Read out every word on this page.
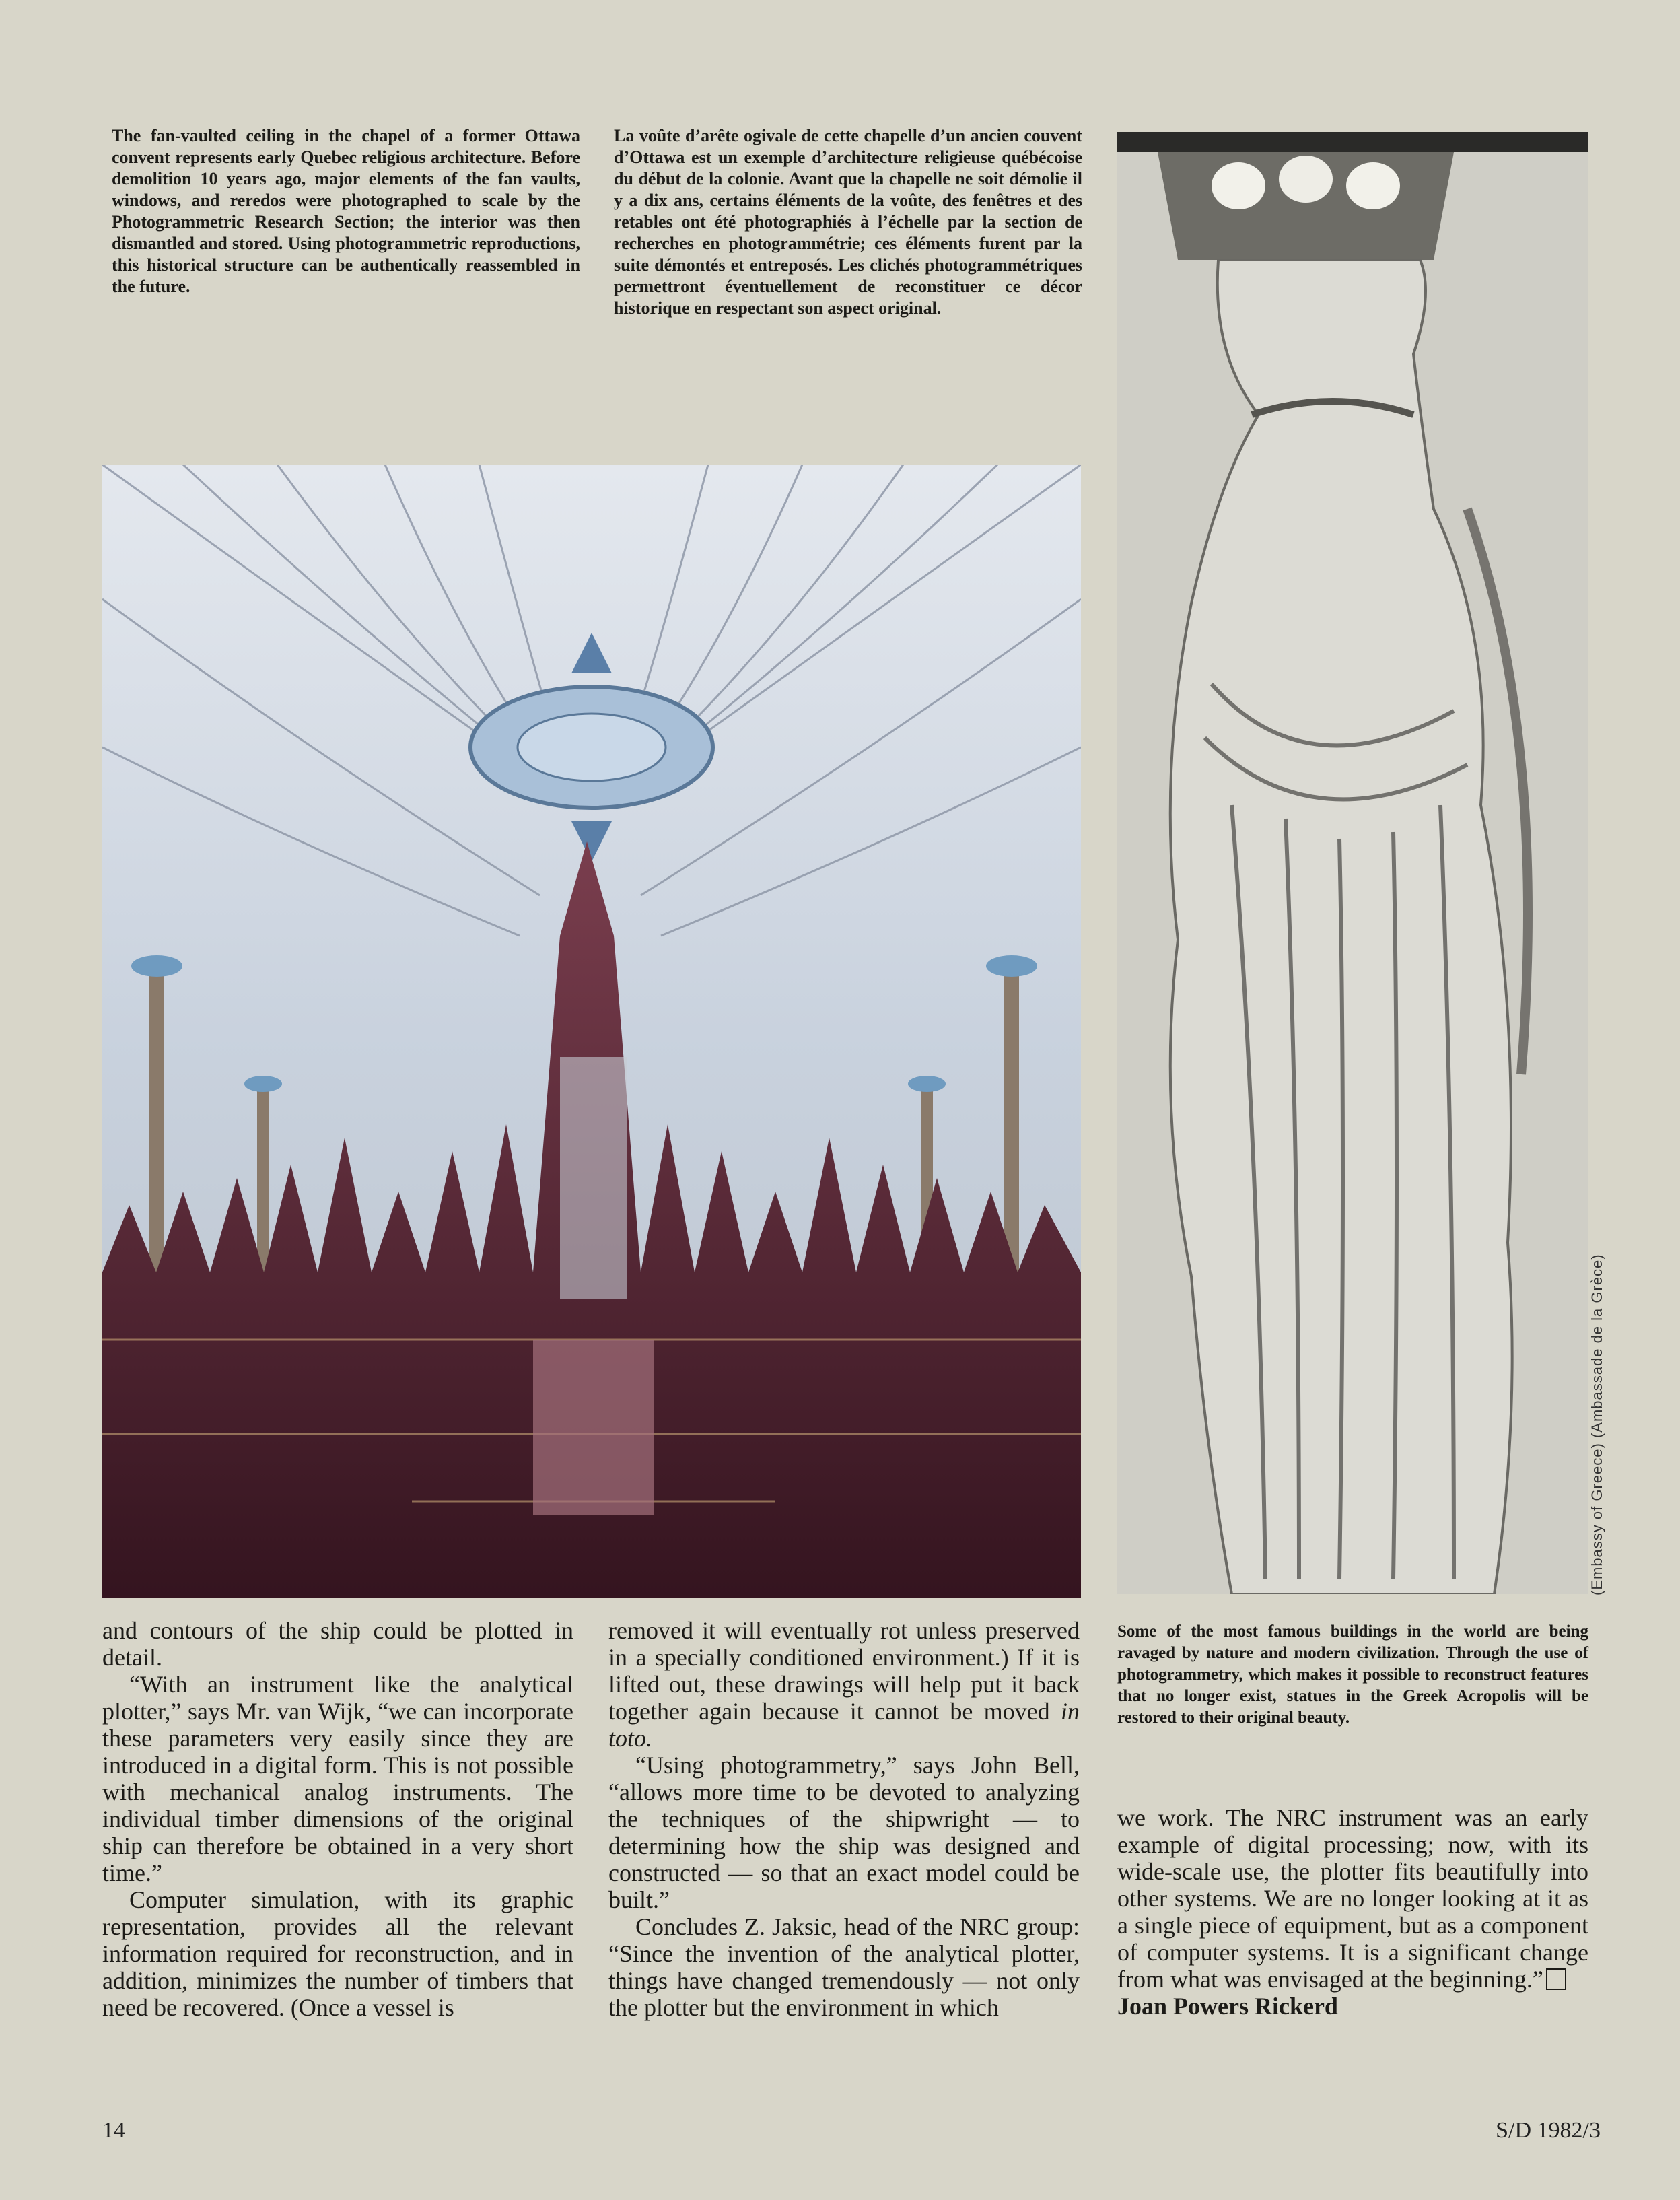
The fan-vaulted ceiling in the chapel of a former Ottawa convent represents early Quebec religious architecture. Before demolition 10 years ago, major elements of the fan vaults, windows, and reredos were photographed to scale by the Photogrammetric Research Section; the interior was then dismantled and stored. Using photogrammetric reproductions, this historical structure can be authentically reassembled in the future.
La voûte d’arête ogivale de cette chapelle d’un ancien couvent d’Ottawa est un exemple d’architecture religieuse québécoise du début de la colonie. Avant que la chapelle ne soit démolie il y a dix ans, certains éléments de la voûte, des fenêtres et des retables ont été photographiés à l’échelle par la section de recherches en photogrammétrie; ces éléments furent par la suite démontés et entreposés. Les clichés photogrammétriques permettront éventuellement de reconstituer ce décor historique en respectant son aspect original.
(Embassy of Greece) (Ambassade de la Grèce)
Some of the most famous buildings in the world are being ravaged by nature and modern civilization. Through the use of photogrammetry, which makes it possible to reconstruct features that no longer exist, statues in the Greek Acropolis will be restored to their original beauty.

and contours of the ship could be plotted in detail.

“With an instrument like the analytical plotter,” says Mr. van Wijk, “we can incorporate these parameters very easily since they are introduced in a digital form. This is not possible with mechanical analog instruments. The individual timber dimensions of the original ship can therefore be obtained in a very short time.”

Computer simulation, with its graphic representation, provides all the relevant information required for reconstruction, and in addition, minimizes the number of timbers that need be recovered. (Once a vessel is

removed it will eventually rot unless preserved in a specially conditioned environment.) If it is lifted out, these drawings will help put it back together again because it cannot be moved in toto.

“Using photogrammetry,” says John Bell, “allows more time to be devoted to analyzing the techniques of the shipwright — to determining how the ship was designed and constructed — so that an exact model could be built.”

Concludes Z. Jaksic, head of the NRC group: “Since the invention of the analytical plotter, things have changed tremendously — not only the plotter but the environment in which

we work. The NRC instrument was an early example of digital processing; now, with its wide-scale use, the plotter fits beautifully into other systems. We are no longer looking at it as a single piece of equipment, but as a component of computer systems. It is a significant change from what was envisaged at the beginning.”

Joan Powers Rickerd

14	S/D 1982/3
